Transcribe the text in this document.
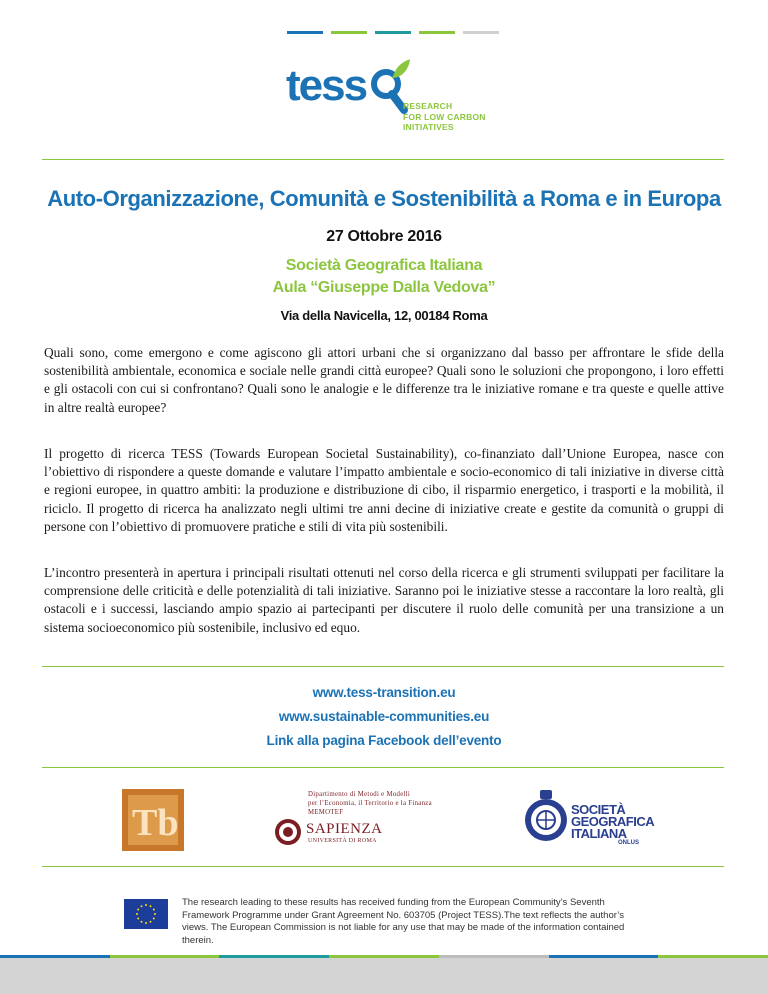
tess	RESEARCH
FOR LOW CARBON
INITIATIVES
Auto-Organizzazione, Comunità e Sostenibilità a Roma e in Europa
27 Ottobre 2016
Società Geografica Italiana
Aula “Giuseppe Dalla Vedova”
Via della Navicella, 12, 00184 Roma

Quali sono, come emergono e come agiscono gli attori urbani che si organizzano dal basso per affrontare le sfide della sostenibilità ambientale, economica e sociale nelle grandi città europee? Quali sono le soluzioni che propongono, i loro effetti e gli ostacoli con cui si confrontano? Quali sono le analogie e le differenze tra le iniziative romane e tra queste e quelle attive in altre realtà europee?

Il progetto di ricerca TESS (Towards European Societal Sustainability), co-finanziato dall’Unione Europea, nasce con l’obiettivo di rispondere a queste domande e valutare l’impatto ambientale e socio-economico di tali iniziative in diverse città e regioni europee, in quattro ambiti: la produzione e distribuzione di cibo, il risparmio energetico, i trasporti e la mobilità, il riciclo. Il progetto di ricerca ha analizzato negli ultimi tre anni decine di iniziative create e gestite da comunità o gruppi di persone con l’obiettivo di promuovere pratiche e stili di vita più sostenibili.

L’incontro presenterà in apertura i principali risultati ottenuti nel corso della ricerca e gli strumenti sviluppati per facilitare la comprensione delle criticità e delle potenzialità di tali iniziative. Saranno poi le iniziative stesse a raccontare la loro realtà, gli ostacoli e i successi, lasciando ampio spazio ai partecipanti per discutere il ruolo delle comunità per una transizione a un sistema socioeconomico più sostenibile, inclusivo ed equo.

www.tess-transition.eu
www.sustainable-communities.eu
Link alla pagina Facebook dell’evento
Tb
Dipartimento di Metodi e Modelli
per l’Economia, il Territorio e la Finanza
MEMOTEF
SAPIENZA
UNIVERSITÀ DI ROMA
SOCIETÀ
GEOGRAFICA
ITALIANA
ONLUS
The research leading to these results has received funding from the European Community’s Seventh Framework Programme under Grant Agreement No. 603705 (Project TESS).The text reflects the author’s views. The European Commission is not liable for any use that may be made of the information contained therein.
